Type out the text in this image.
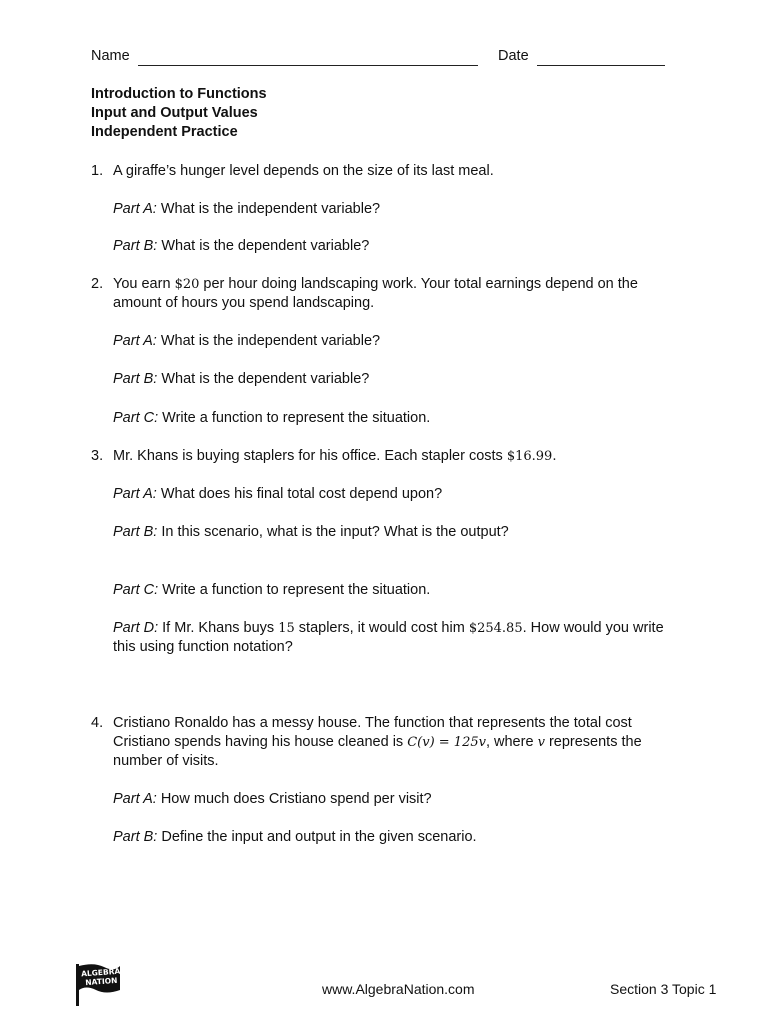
Name	Date
Introduction to Functions
Input and Output Values
Independent Practice
1. A giraffe’s hunger level depends on the size of its last meal.
Part A: What is the independent variable?
Part B: What is the dependent variable?
2. You earn $20 per hour doing landscaping work. Your total earnings depend on the
amount of hours you spend landscaping.
Part A: What is the independent variable?
Part B: What is the dependent variable?
Part C: Write a function to represent the situation.
3. Mr. Khans is buying staplers for his office. Each stapler costs $16.99.
Part A: What does his final total cost depend upon?
Part B: In this scenario, what is the input? What is the output?
Part C: Write a function to represent the situation.
Part D: If Mr. Khans buys 15 staplers, it would cost him $254.85. How would you write
this using function notation?
4. Cristiano Ronaldo has a messy house. The function that represents the total cost
Cristiano spends having his house cleaned is C(v) = 125v, where v represents the
number of visits.
Part A: How much does Cristiano spend per visit?
Part B: Define the input and output in the given scenario.
ALGEBRA
NATION	www.AlgebraNation.com	Section 3 Topic 1
